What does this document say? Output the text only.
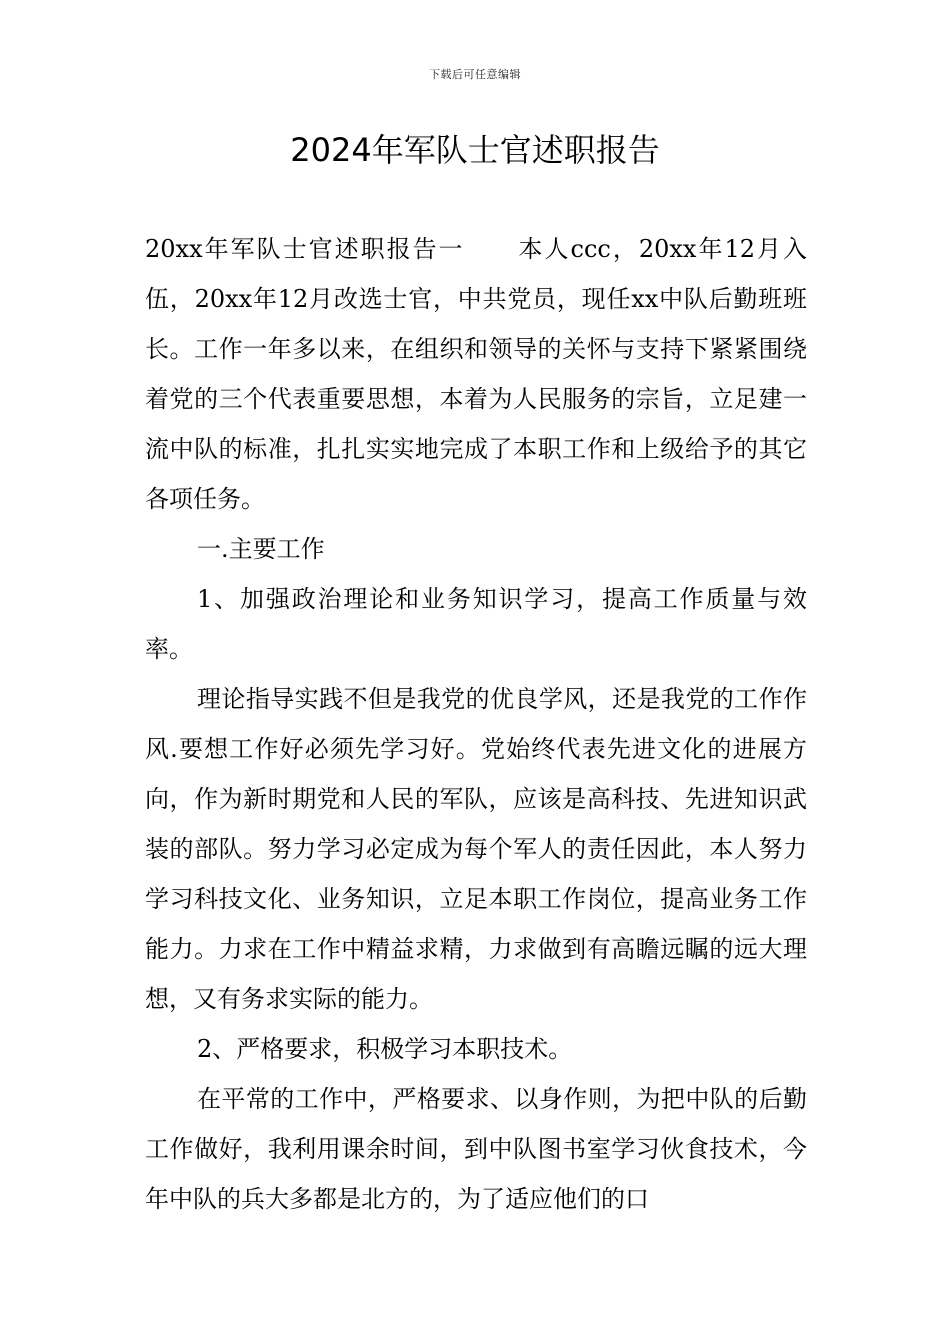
下载后可任意编辑
2024年军队士官述职报告

20xx年军队士官述职报告一 本人ccc，20xx年12月入伍，20xx年12月改选士官，中共党员，现任xx中队后勤班班长。工作一年多以来，在组织和领导的关怀与支持下紧紧围绕着党的三个代表重要思想，本着为人民服务的宗旨，立足建一流中队的标准，扎扎实实地完成了本职工作和上级给予的其它各项任务。

一.主要工作

1、加强政治理论和业务知识学习，提高工作质量与效率。

理论指导实践不但是我党的优良学风，还是我党的工作作风.要想工作好必须先学习好。党始终代表先进文化的进展方向，作为新时期党和人民的军队，应该是高科技、先进知识武装的部队。努力学习必定成为每个军人的责任因此，本人努力学习科技文化、业务知识，立足本职工作岗位，提高业务工作能力。力求在工作中精益求精，力求做到有高瞻远瞩的远大理想，又有务求实际的能力。

2、严格要求，积极学习本职技术。

在平常的工作中，严格要求、以身作则，为把中队的后勤工作做好，我利用课余时间，到中队图书室学习伙食技术，今年中队的兵大多都是北方的，为了适应他们的口
